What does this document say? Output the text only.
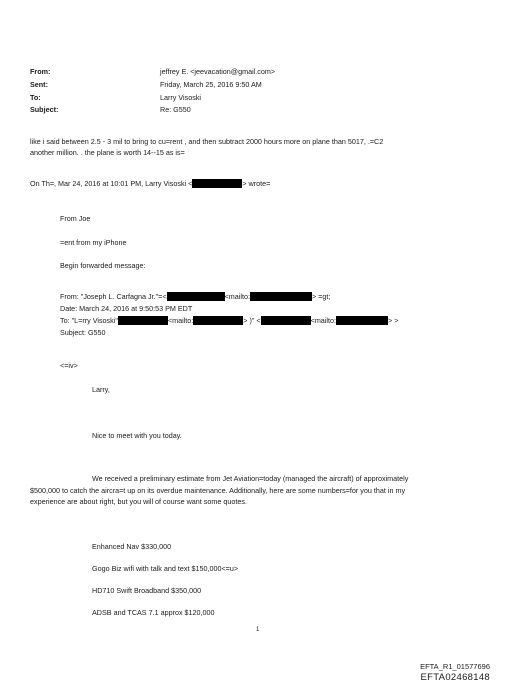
From:	jeffrey E. <jeevacation@gmail.com>
Sent:	Friday, March 25, 2016 9:50 AM
To:	Larry Visoski
Subject:	Re: G550
like i said between 2.5 - 3 mil to bring to cu=rent , and then subtract 2000 hours more on plane than 5017, .=C2
another million. . the plane is worth 14--15 as is=
On Th=, Mar 24, 2016 at 10:01 PM, Larry Visoski <	> wrote=
From Joe
=ent from my iPhone
Begin forwarded message:
From: "Joseph L. Carfagna Jr."=<	<mailto:	> =gt;
Date: March 24, 2016 at 9:50:53 PM EDT
To: "L=rry Visoski"	<mailto:	> )" <	<mailto:	> >
Subject: G550
<=iv>
Larry,
Nice to meet with you today.
We received a preliminary estimate from Jet Aviation=today (managed the aircraft) of approximately
$500,000 to catch the aircra=t up on its overdue maintenance. Additionally, here are some numbers=for you that in my
experience are about right, but you will of course want some quotes.
Enhanced Nav $330,000
Gogo Biz wifi with talk and text $150,000<=u>
HD710 Swift Broadband $350,000
ADSB and TCAS 7.1 approx $120,000
1
EFTA_R1_01577696
EFTA02468148
